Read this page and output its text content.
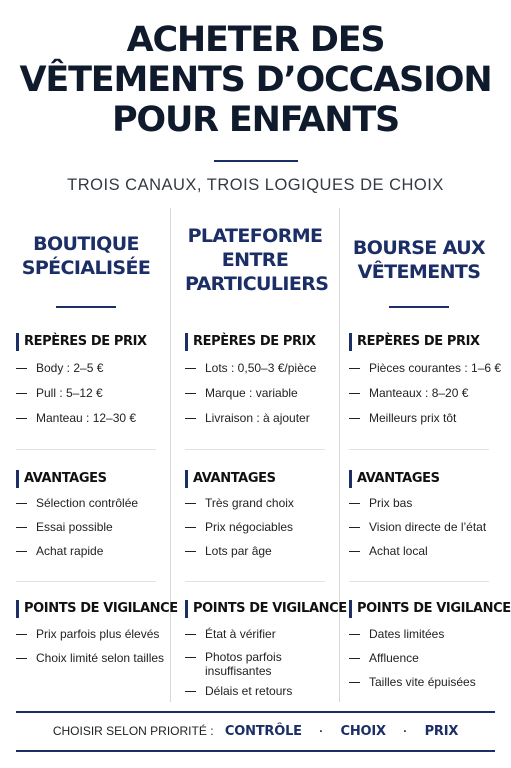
ACHETER DES
VÊTEMENTS D’OCCASION
POUR ENFANTS
TROIS CANAUX, TROIS LOGIQUES DE CHOIX
BOUTIQUE
SPÉCIALISÉE
REPÈRES DE PRIX
Body : 2–5 €
Pull : 5–12 €
Manteau : 12–30 €
AVANTAGES
Sélection contrôlée
Essai possible
Achat rapide
POINTS DE VIGILANCE
Prix parfois plus élevés
Choix limité selon tailles
PLATEFORME
ENTRE
PARTICULIERS
REPÈRES DE PRIX
Lots : 0,50–3 €/pièce
Marque : variable
Livraison : à ajouter
AVANTAGES
Très grand choix
Prix négociables
Lots par âge
POINTS DE VIGILANCE
État à vérifier
Photos parfois
insuffisantes
Délais et retours
BOURSE AUX
VÊTEMENTS
REPÈRES DE PRIX
Pièces courantes : 1–6 €
Manteaux : 8–20 €
Meilleurs prix tôt
AVANTAGES
Prix bas
Vision directe de l’état
Achat local
POINTS DE VIGILANCE
Dates limitées
Affluence
Tailles vite épuisées
CHOISIR SELON PRIORITÉ : CONTRÔLE · CHOIX · PRIX
